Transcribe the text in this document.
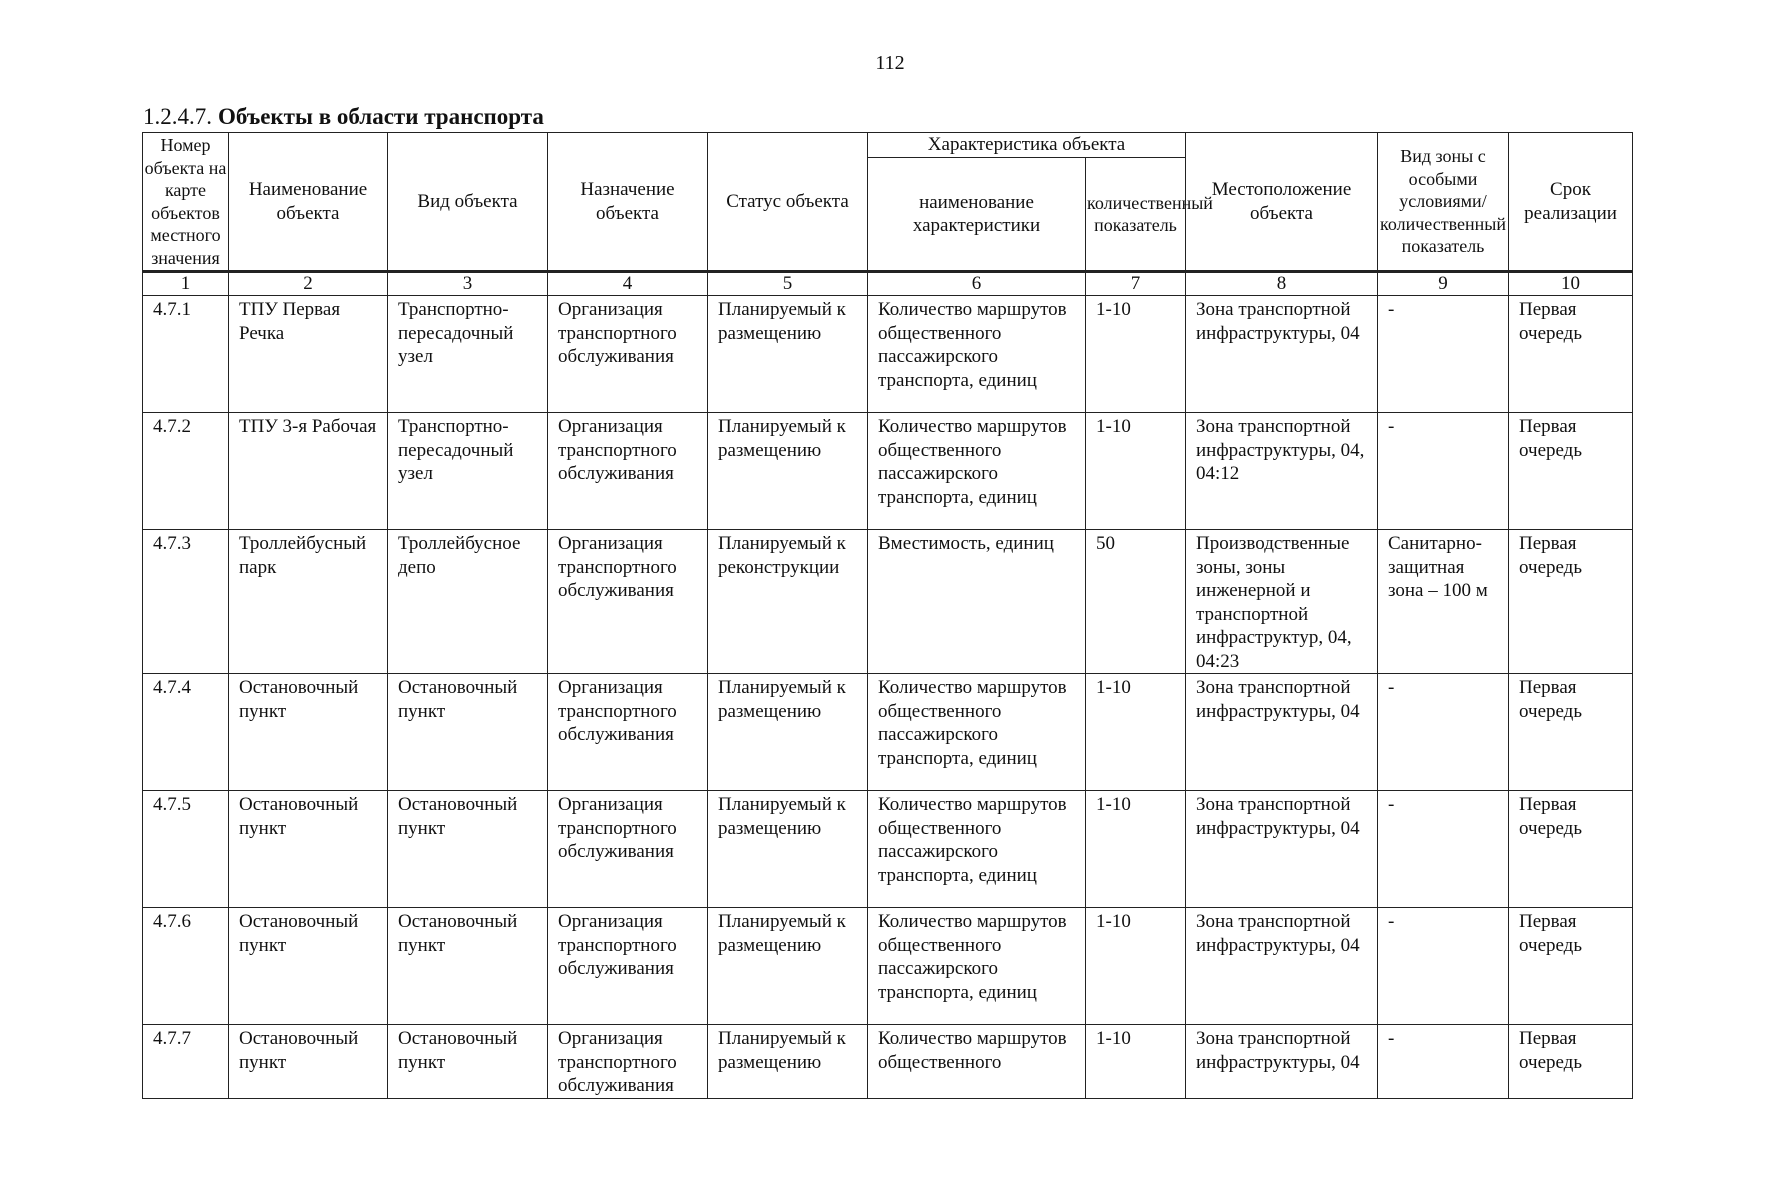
112
1.2.4.7. Объекты в области транспорта
Номер объекта на карте объектов местного значения	Наименование объекта	Вид объекта	Назначение объекта	Статус объекта	Характеристика объекта		Местоположение объекта	Вид зоны с особыми условиями/ количественный показатель	Срок реализации
					наименование характеристики	количественный показатель			

1	2	3	4	5	6	7	8	9	10
4.7.1	ТПУ Первая Речка	Транспортно-пересадочный узел	Организация транспортного обслуживания	Планируемый к размещению	Количество маршрутов общественного пассажирского транспорта, единиц	1-10	Зона транспортной инфраструктуры, 04	-	Первая очередь
4.7.2	ТПУ 3-я Рабочая	Транспортно-пересадочный узел	Организация транспортного обслуживания	Планируемый к размещению	Количество маршрутов общественного пассажирского транспорта, единиц	1-10	Зона транспортной инфраструктуры, 04, 04:12	-	Первая очередь
4.7.3	Троллейбусный парк	Троллейбусное депо	Организация транспортного обслуживания	Планируемый к реконструкции	Вместимость, единиц	50	Производственные зоны, зоны инженерной и транспортной инфраструктур, 04, 04:23	Санитарно-защитная зона – 100 м	Первая очередь
4.7.4	Остановочный пункт	Остановочный пункт	Организация транспортного обслуживания	Планируемый к размещению	Количество маршрутов общественного пассажирского транспорта, единиц	1-10	Зона транспортной инфраструктуры, 04	-	Первая очередь
4.7.5	Остановочный пункт	Остановочный пункт	Организация транспортного обслуживания	Планируемый к размещению	Количество маршрутов общественного пассажирского транспорта, единиц	1-10	Зона транспортной инфраструктуры, 04	-	Первая очередь
4.7.6	Остановочный пункт	Остановочный пункт	Организация транспортного обслуживания	Планируемый к размещению	Количество маршрутов общественного пассажирского транспорта, единиц	1-10	Зона транспортной инфраструктуры, 04	-	Первая очередь
4.7.7	Остановочный пункт	Остановочный пункт	Организация транспортного обслуживания	Планируемый к размещению	Количество маршрутов общественного	1-10	Зона транспортной инфраструктуры, 04	-	Первая очередь
